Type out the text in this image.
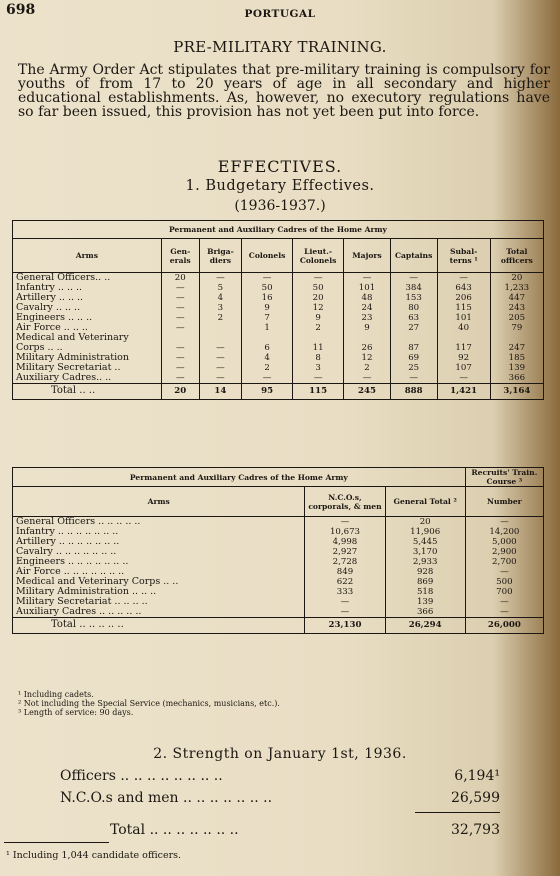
698	PORTUGAL
PRE-MILITARY TRAINING.
The Army Order Act stipulates that pre-military training is compulsory for youths of from 17 to 20 years of age in all secondary and higher educational establishments. As, however, no executory regulations have so far been issued, this provision has not yet been put into force.
EFFECTIVES.
1. Budgetary Effectives.
(1936-1937.)
Permanent and Auxiliary Cadres of the Home Army								
Arms	Gen-erals	Briga-diers	Colonels	Lieut.-Colonels	Majors	Captains	Subal-terns ¹	Total officers
General Officers.. ..	20	—	—	—	—	—	—	20
Infantry .. .. ..	—	5	50	50	101	384	643	1,233
Artillery .. .. ..	—	4	16	20	48	153	206	447
Cavalry .. .. ..	—	3	9	12	24	80	115	243
Engineers .. .. ..	—	2	7	9	23	63	101	205
Air Force .. .. ..	—		1	2	9	27	40	79
Medical and Veterinary								
Corps .. ..	—	—	6	11	26	87	117	247
Military Administration	—	—	4	8	12	69	92	185
Military Secretariat ..	—	—	2	3	2	25	107	139
Auxiliary Cadres.. ..	—	—	—	—	—	—	—	366
Total .. ..	20	14	95	115	245	888	1,421	3,164
Permanent and Auxiliary Cadres of the Home Army			Recruits' Train. Course ³
Arms	N.C.O.s, corporals, & men	General Total ²	Number
General Officers .. .. .. .. ..	—	20	—
Infantry .. .. .. .. .. .. ..	10,673	11,906	14,200
Artillery .. .. .. .. .. .. ..	4,998	5,445	5,000
Cavalry .. .. .. .. .. .. ..	2,927	3,170	2,900
Engineers .. .. .. .. .. .. ..	2,728	2,933	2,700
Air Force .. .. .. .. .. .. ..	849	928	—
Medical and Veterinary Corps .. ..	622	869	500
Military Administration .. .. ..	333	518	700
Military Secretariat .. .. .. ..	—	139	—
Auxiliary Cadres .. .. .. .. ..	—	366	—
Total .. .. .. .. ..	23,130	26,294	26,000
¹ Including cadets.
² Not including the Special Service (mechanics, musicians, etc.).
³ Length of service: 90 days.
2. Strength on January 1st, 1936.
Officers .. .. .. .. .. .. .. ..	6,194¹
N.C.O.s and men .. .. .. .. .. .. ..	26,599
Total .. .. .. .. .. .. ..	32,793
¹ Including 1,044 candidate officers.
